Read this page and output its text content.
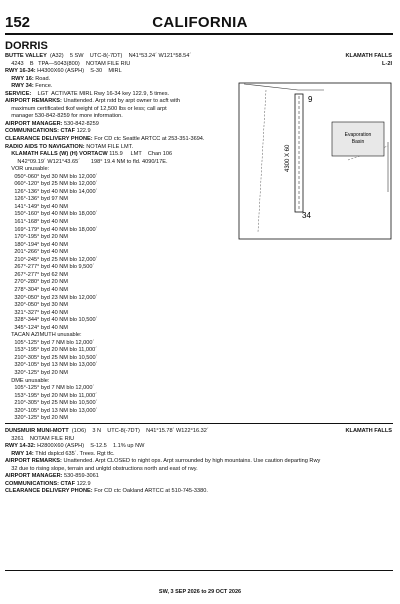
152	CALIFORNIA
DORRIS
KLAMATH FALLS
L-2I
BUTTE VALLEY  (A32)    5 SW    UTC-8(-7DT)    N41°53.24´ W121°58.54´
4243    B   TPA—5043(800)    NOTAM FILE RIU
RWY 16-34: H4300X60 (ASPH)    S-30    MIRL
RWY 16: Road.
RWY 34: Fence.
SERVICE:    LGT  ACTIVATE MIRL Rwy 16-34 key 122.9, 5 times.
AIRPORT REMARKS: Unattended. Arpt rstd by arpt owner to acft with
maximum certificated tkof weight of 12,500 lbs or less; call arpt
manager 530-842-8259 for more information.
AIRPORT MANAGER: 530-842-8259
COMMUNICATIONS: CTAF 122.9
CLEARANCE DELIVERY PHONE: For CD ctc Seattle ARTCC at 253-351-3694.
RADIO AIDS TO NAVIGATION: NOTAM FILE LMT.
KLAMATH FALLS (W) (H) VORTACW 115.9     LMT    Chan 106
N42°09.19´ W121°43.65´       198° 19.4 NM to fld. 4090/17E.
VOR unusable:
050°-060° byd 30 NM blo 12,000´
060°-120° byd 25 NM blo 12,000´
126°-136° byd 40 NM blo 14,000´
126°-136° byd 97 NM
141°-149° byd 40 NM
150°-160° byd 40 NM blo 18,000´
161°-168° byd 40 NM
169°-179° byd 40 NM blo 18,000´
170°-195° byd 20 NM
180°-194° byd 40 NM
201°-266° byd 40 NM
210°-245° byd 25 NM blo 12,000´
267°-277° byd 40 NM blo 9,500´
267°-277° byd 62 NM
270°-280° byd 20 NM
278°-304° byd 40 NM
320°-050° byd 23 NM blo 12,000´
320°-050° byd 30 NM
321°-327° byd 40 NM
328°-344° byd 40 NM blo 10,500´
345°-124° byd 40 NM
TACAN AZIMUTH unusable:
105°-125° byd 7 NM blo 12,000´
153°-195° byd 20 NM blo 11,000´
210°-305° byd 25 NM blo 10,500´
320°-105° byd 13 NM blo 13,000´
320°-125° byd 20 NM
DME unusable:
105°-125° byd 7 NM blo 12,000´
153°-195° byd 20 NM blo 11,000´
210°-305° byd 25 NM blo 10,500´
320°-105° byd 13 NM blo 13,000´
320°-125° byd 20 NM
Evaporation
Basin
9
34
4300 X 60
KLAMATH FALLS
DUNSMUIR MUNI-MOTT  (1O6)    3 N    UTC-8(-7DT)    N41°15.78´ W122°16.32´
3261    NOTAM FILE RIU
RWY 14-32: H2800X60 (ASPH)    S-12.5    1.1% up NW
RWY 14: Thld dsplcd 635´. Trees. Rgt tfc.
AIRPORT REMARKS: Unattended. Arpt CLOSED to night ops. Arpt surrounded by high mountains. Use caution departing Rwy
32 due to rising slope, terrain and unlgtd obstructions north and east of rwy.
AIRPORT MANAGER: 530-859-3061
COMMUNICATIONS: CTAF 122.9
CLEARANCE DELIVERY PHONE: For CD ctc Oakland ARTCC at 510-745-3380.
SW, 3 SEP 2026 to 29 OCT 2026
